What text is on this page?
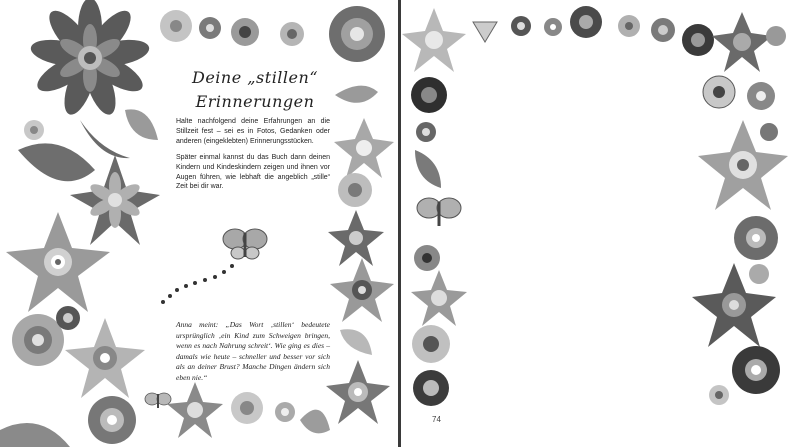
Deine „stillen“
Erinnerungen

Halte nachfolgend deine Erfahrungen an die Stillzeit fest – sei es in Fotos, Gedanken oder anderen (eingeklebten) Erinnerungsstücken.

Später einmal kannst du das Buch dann deinen Kindern und Kindeskindern zeigen und ihnen vor Augen führen, wie lebhaft die angeblich „stille“ Zeit bei dir war.

Anna meint: „Das Wort ‚stillen‘ bedeutete ursprünglich ‚ein Kind zum Schweigen bringen, wenn es nach Nahrung schreit‘. Wie ging es dies – damals wie heute – schneller und besser vor sich als an deiner Brust? Manche Dingen ändern sich eben nie.“
74
